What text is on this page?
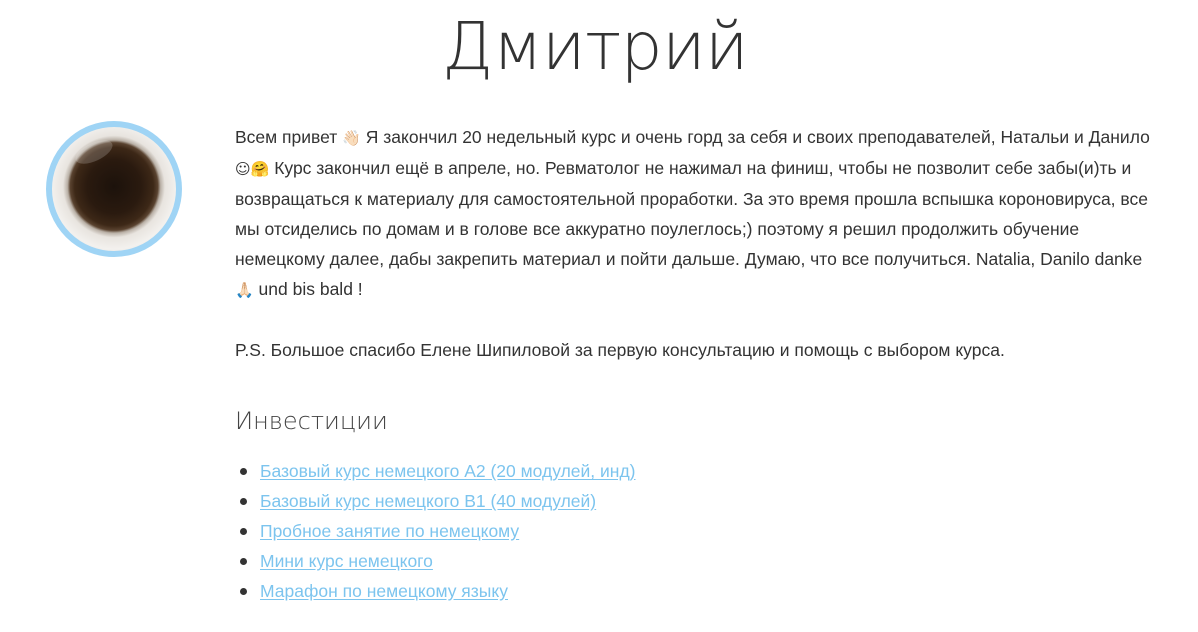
Дмитрий

Всем привет 👋🏻 Я закончил 20 недельный курс и очень горд за себя и своих преподавателей, Натальи и Данило☺🤗 Курс закончил ещё в апреле, но. Ревматолог не нажимал на финиш, чтобы не позволит себе забы(и)ть и возвращаться к материалу для самостоятельной проработки. За это время прошла вспышка короновируса, все мы отсиделись по домам и в голове все аккуратно поулеглось;) поэтому я решил продолжить обучение немецкому далее, дабы закрепить материал и пойти дальше. Думаю, что все получиться. Natalia, Danilo danke 🙏🏻 und bis bald !

P.S. Большое спасибо Елене Шипиловой за первую консультацию и помощь с выбором курса.

Инвестиции
Базовый курс немецкого A2 (20 модулей, инд)
Базовый курс немецкого B1 (40 модулей)
Пробное занятие по немецкому
Мини курс немецкого
Марафон по немецкому языку
